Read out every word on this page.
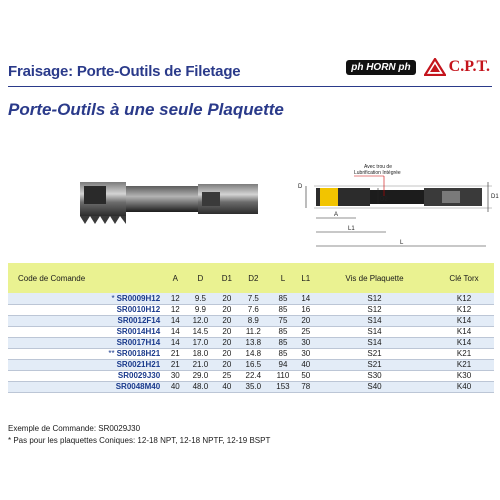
Fraisage: Porte-Outils de Filetage	ph HORN ph	C.P.T.
Porte-Outils à une seule Plaquette
Avec trou de
Lubrification Intégrée
D
D2	D1
A
L1
L
Code de Comande	A	D	D1	D2	L	L1	Vis de Plaquette	Clé Torx
* SR0009H12	12	9.5	20	7.5	85	14	S12	K12
SR0010H12	12	9.9	20	7.6	85	16	S12	K12
SR0012F14	14	12.0	20	8.9	75	20	S14	K14
SR0014H14	14	14.5	20	11.2	85	25	S14	K14
SR0017H14	14	17.0	20	13.8	85	30	S14	K14
** SR0018H21	21	18.0	20	14.8	85	30	S21	K21
SR0021H21	21	21.0	20	16.5	94	40	S21	K21
SR0029J30	30	29.0	25	22.4	110	50	S30	K30
SR0048M40	40	48.0	40	35.0	153	78	S40	K40
Exemple de Commande: SR0029J30
* Pas pour les plaquettes Coniques: 12-18 NPT, 12-18 NPTF, 12-19 BSPT
